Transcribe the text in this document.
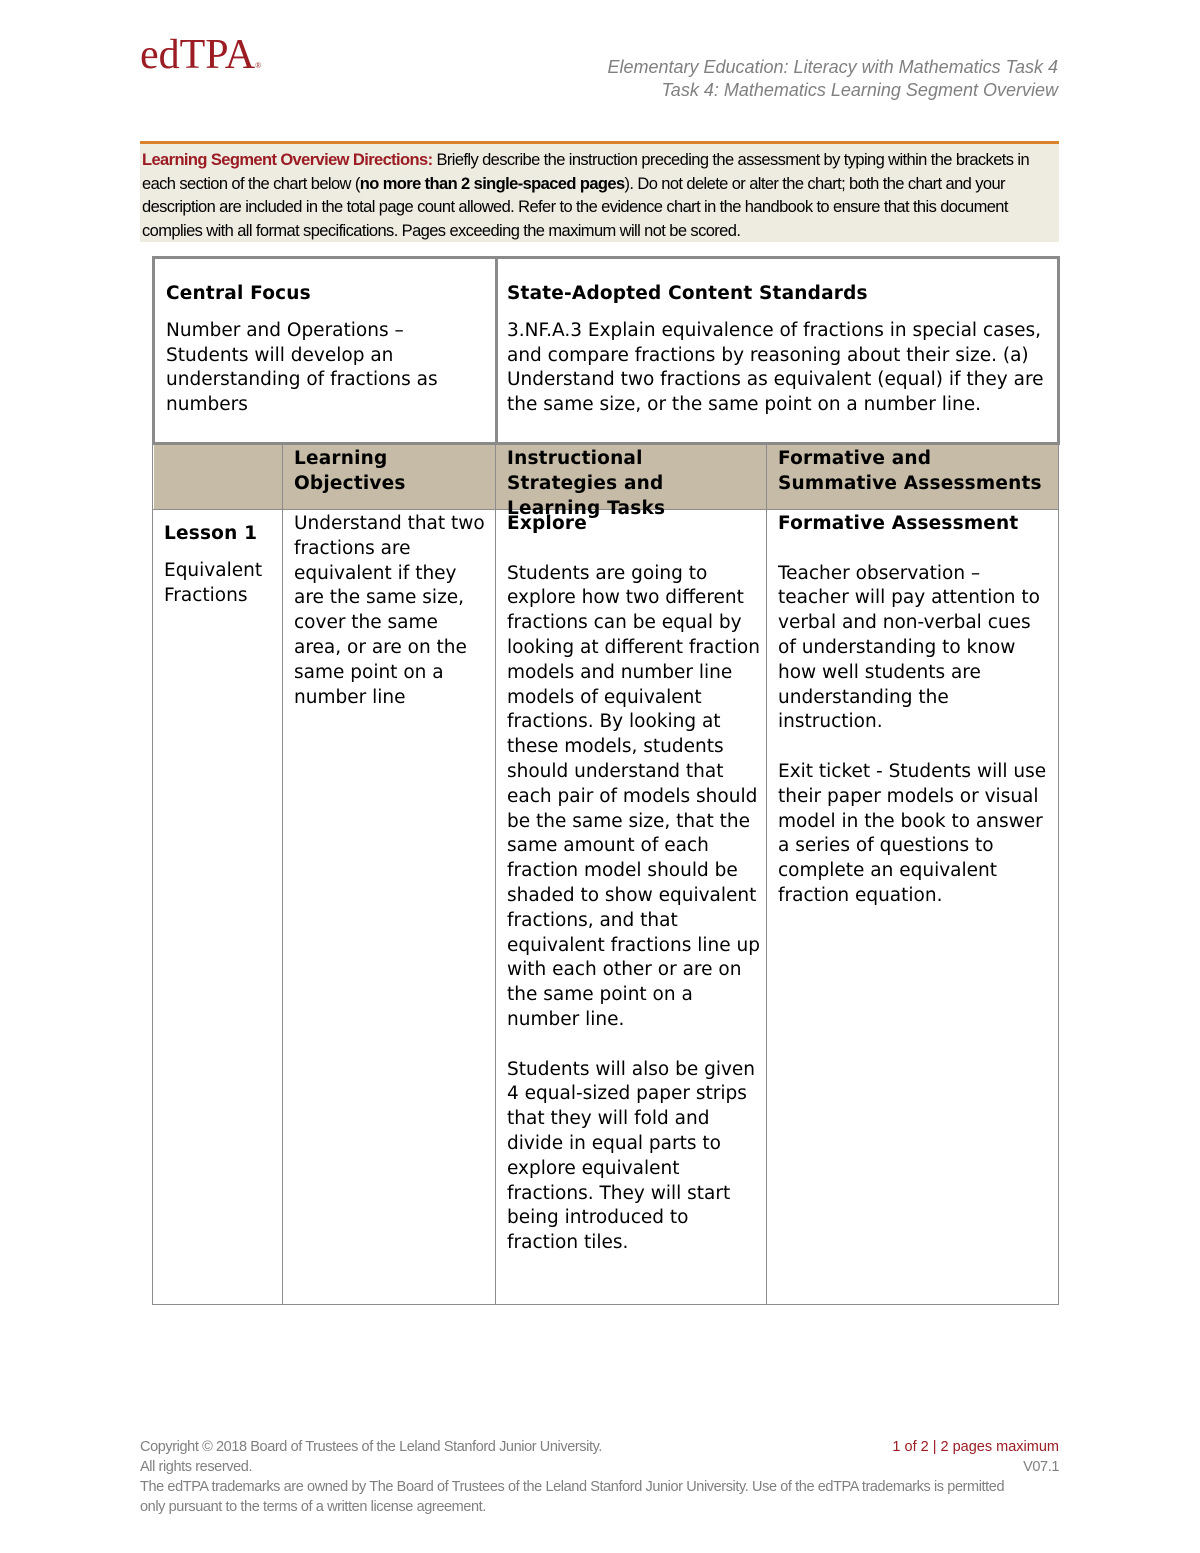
edTPA®	Elementary Education: Literacy with Mathematics Task 4
Task 4: Mathematics Learning Segment Overview
Learning Segment Overview Directions: Briefly describe the instruction preceding the assessment by typing within the brackets in each section of the chart below (no more than 2 single-spaced pages). Do not delete or alter the chart; both the chart and your description are included in the total page count allowed. Refer to the evidence chart in the handbook to ensure that this document complies with all format specifications. Pages exceeding the maximum will not be scored.
Central Focus

Number and Operations – Students will develop an understanding of fractions as numbers

State-Adopted Content Standards

3.NF.A.3 Explain equivalence of fractions in special cases, and compare fractions by reasoning about their size. (a) Understand two fractions as equivalent (equal) if they are the same size, or the same point on a number line.

Learning Objectives
Instructional Strategies and Learning Tasks
Formative and Summative Assessments
Lesson 1

Equivalent Fractions

Understand that two fractions are equivalent if they are the same size, cover the same area, or are on the same point on a number line

Explore

Students are going to explore how two different fractions can be equal by looking at different fraction models and number line models of equivalent fractions. By looking at these models, students should understand that each pair of models should be the same size, that the same amount of each fraction model should be shaded to show equivalent fractions, and that equivalent fractions line up with each other or are on the same point on a number line.

Students will also be given 4 equal-sized paper strips that they will fold and divide in equal parts to explore equivalent fractions. They will start being introduced to fraction tiles.

Formative Assessment

Teacher observation – teacher will pay attention to verbal and non-verbal cues of understanding to know how well students are understanding the instruction.

Exit ticket - Students will use their paper models or visual model in the book to answer a series of questions to complete an equivalent fraction equation.

1 of 2 | 2 pages maximum
V07.1
Copyright © 2018 Board of Trustees of the Leland Stanford Junior University.
All rights reserved.
The edTPA trademarks are owned by The Board of Trustees of the Leland Stanford Junior University. Use of the edTPA trademarks is permitted only pursuant to the terms of a written license agreement.
